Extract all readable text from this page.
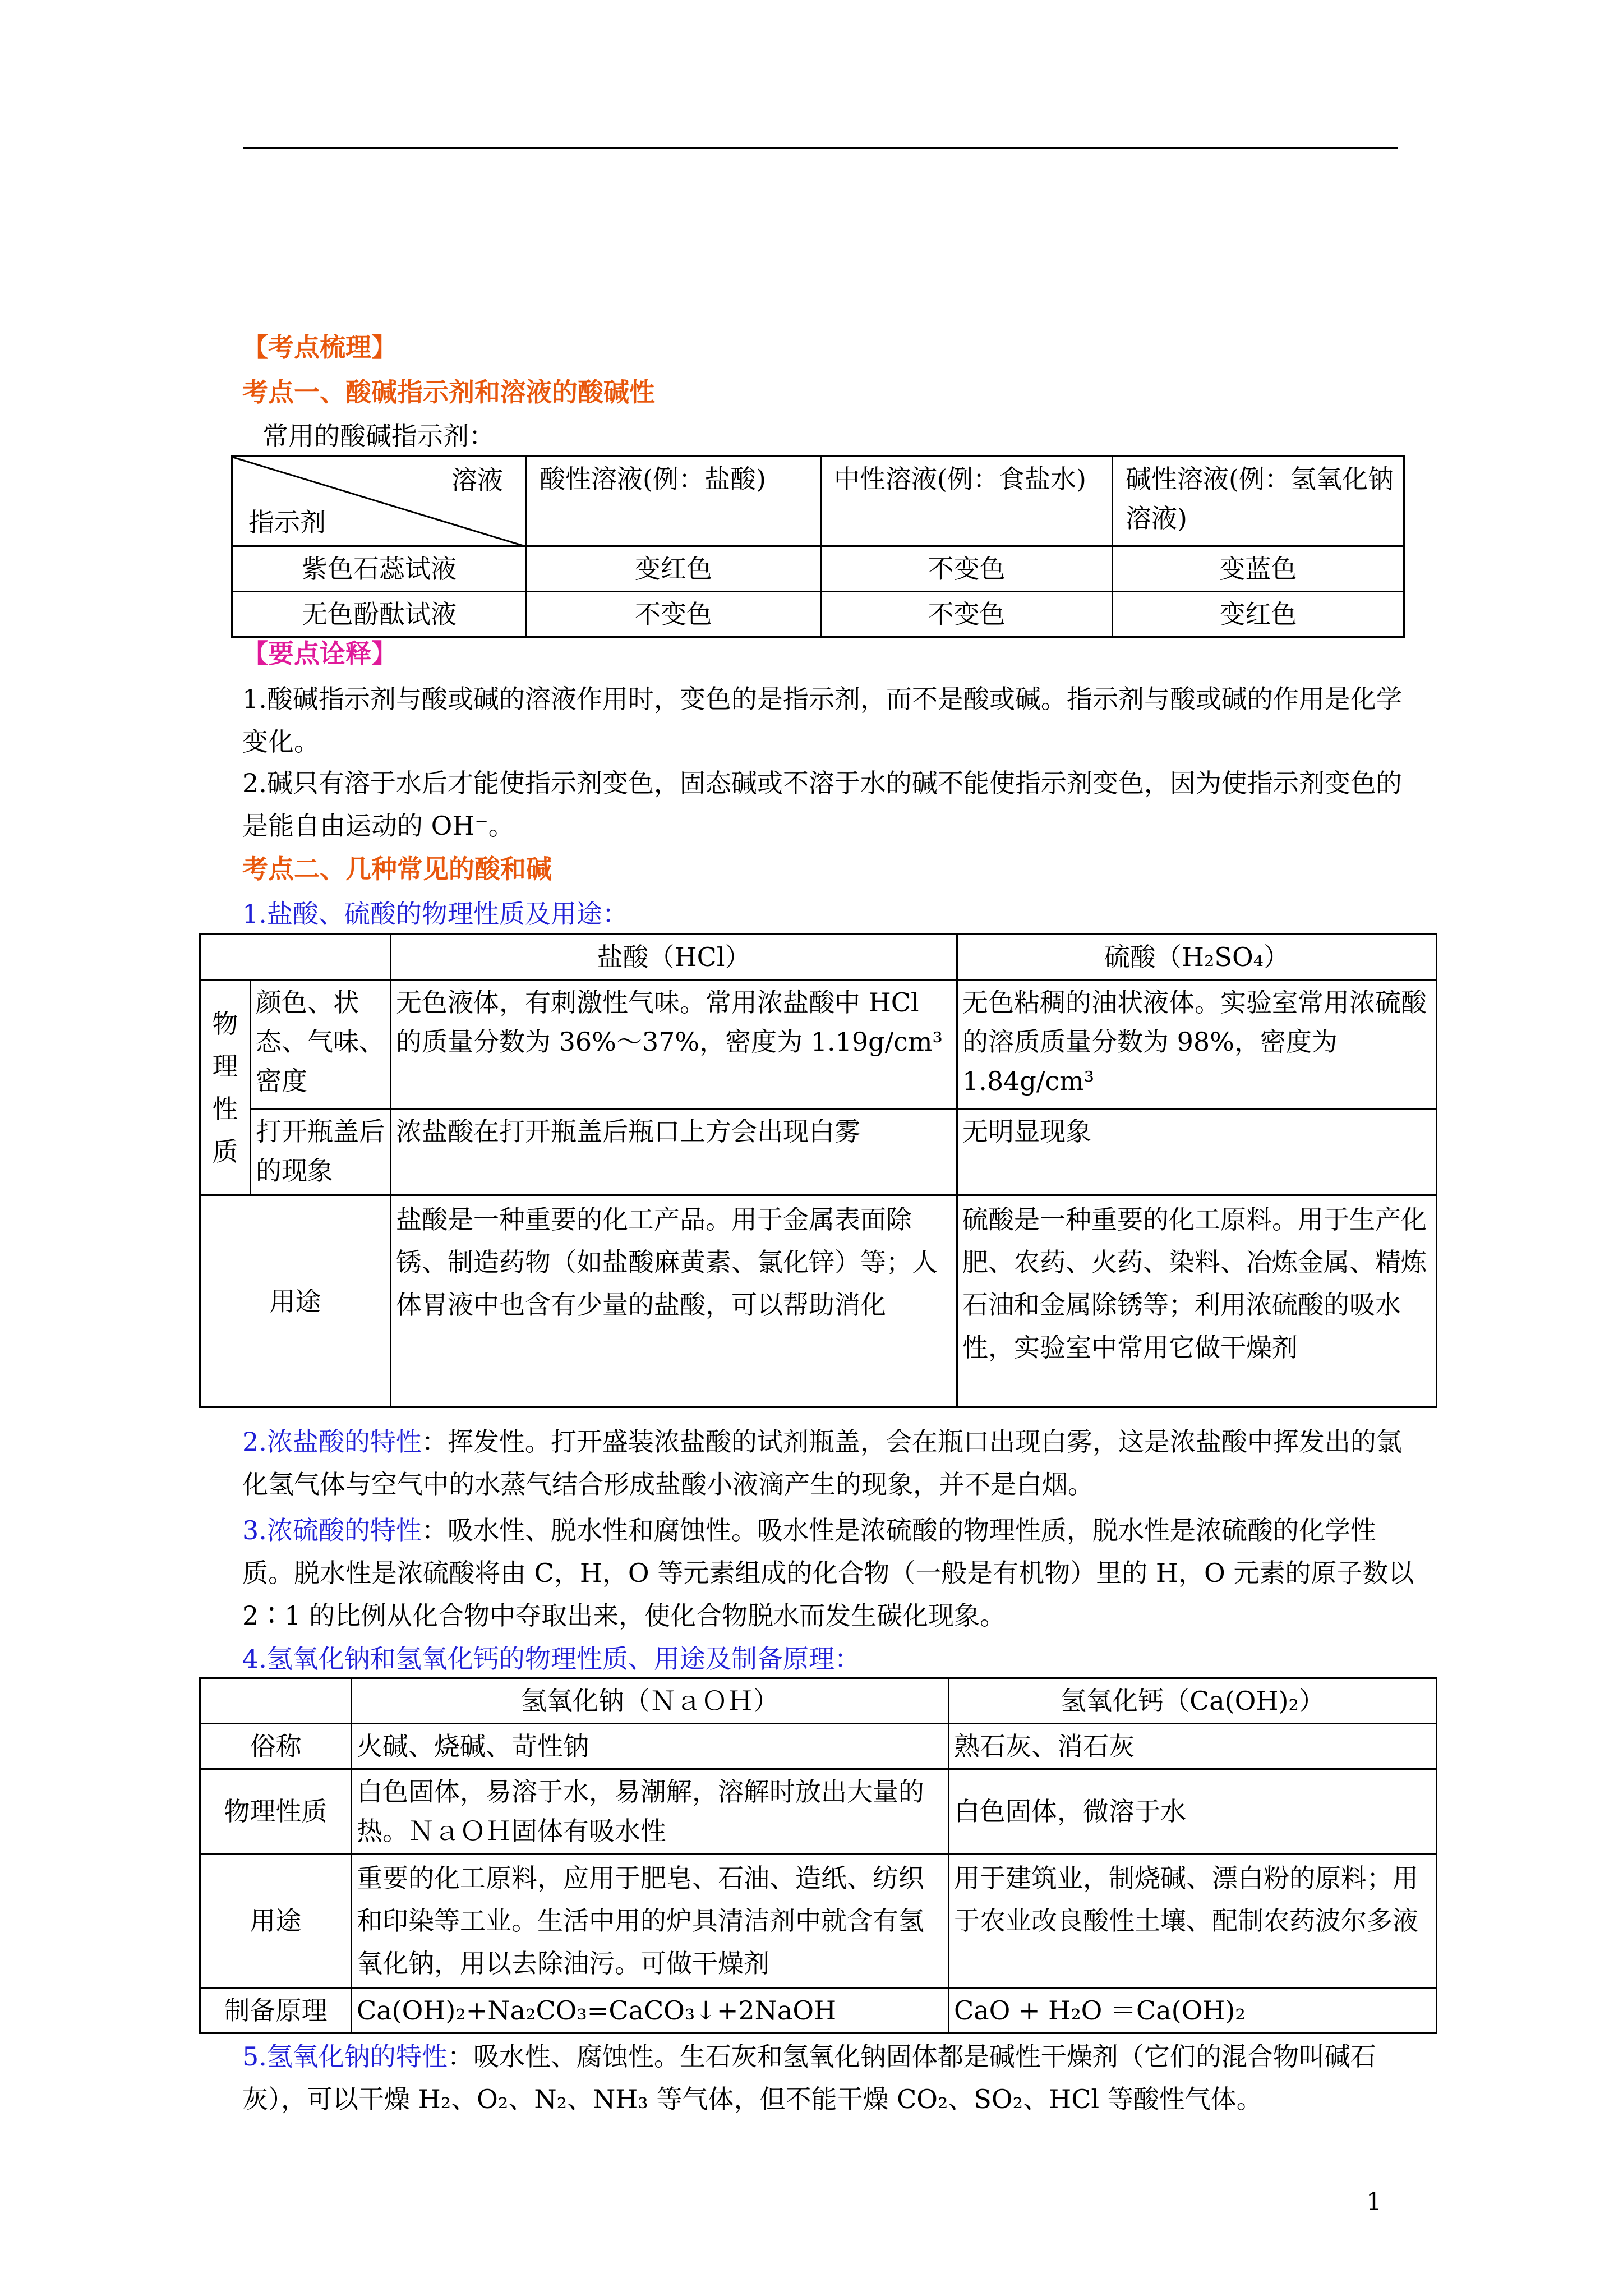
【考点梳理】
考点一、酸碱指示剂和溶液的酸碱性
常用的酸碱指示剂：
溶液
指示剂	酸性溶液(例：盐酸)	中性溶液(例：食盐水)	碱性溶液(例：氢氧化钠溶液)
紫色石蕊试液	变红色	不变色	变蓝色
无色酚酞试液	不变色	不变色	变红色
【要点诠释】
1.酸碱指示剂与酸或碱的溶液作用时，变色的是指示剂，而不是酸或碱。指示剂与酸或碱的作用是化学变化。
2.碱只有溶于水后才能使指示剂变色，固态碱或不溶于水的碱不能使指示剂变色，因为使指示剂变色的是能自由运动的 OH⁻。
考点二、几种常见的酸和碱
1.盐酸、硫酸的物理性质及用途：
		盐酸（HCl）	硫酸（H₂SO₄）
物理性质	颜色、状态、气味、密度	无色液体，有刺激性气味。常用浓盐酸中 HCl 的质量分数为 36%～37%，密度为 1.19g/cm³	无色粘稠的油状液体。实验室常用浓硫酸的溶质质量分数为 98%，密度为 1.84g/cm³
	打开瓶盖后的现象	浓盐酸在打开瓶盖后瓶口上方会出现白雾	无明显现象
用途		盐酸是一种重要的化工产品。用于金属表面除锈、制造药物（如盐酸麻黄素、氯化锌）等；人体胃液中也含有少量的盐酸，可以帮助消化	硫酸是一种重要的化工原料。用于生产化肥、农药、火药、染料、冶炼金属、精炼石油和金属除锈等；利用浓硫酸的吸水性，实验室中常用它做干燥剂
2.浓盐酸的特性：挥发性。打开盛装浓盐酸的试剂瓶盖，会在瓶口出现白雾，这是浓盐酸中挥发出的氯化氢气体与空气中的水蒸气结合形成盐酸小液滴产生的现象，并不是白烟。
3.浓硫酸的特性：吸水性、脱水性和腐蚀性。吸水性是浓硫酸的物理性质，脱水性是浓硫酸的化学性质。脱水性是浓硫酸将由 C，H，O 等元素组成的化合物（一般是有机物）里的 H，O 元素的原子数以 2∶1 的比例从化合物中夺取出来，使化合物脱水而发生碳化现象。
4.氢氧化钠和氢氧化钙的物理性质、用途及制备原理：
	氢氧化钠（ＮａＯＨ）	氢氧化钙（Ca(OH)₂）
俗称	火碱、烧碱、苛性钠	熟石灰、消石灰
物理性质	白色固体，易溶于水，易潮解，溶解时放出大量的热。ＮａＯＨ固体有吸水性	白色固体，微溶于水
用途	重要的化工原料，应用于肥皂、石油、造纸、纺织和印染等工业。生活中用的炉具清洁剂中就含有氢氧化钠，用以去除油污。可做干燥剂	用于建筑业，制烧碱、漂白粉的原料；用于农业改良酸性土壤、配制农药波尔多液
制备原理	Ca(OH)₂+Na₂CO₃=CaCO₃↓+2NaOH	CaO + H₂O ＝Ca(OH)₂
5.氢氧化钠的特性：吸水性、腐蚀性。生石灰和氢氧化钠固体都是碱性干燥剂（它们的混合物叫碱石灰），可以干燥 H₂、O₂、N₂、NH₃ 等气体，但不能干燥 CO₂、SO₂、HCl 等酸性气体。
1
